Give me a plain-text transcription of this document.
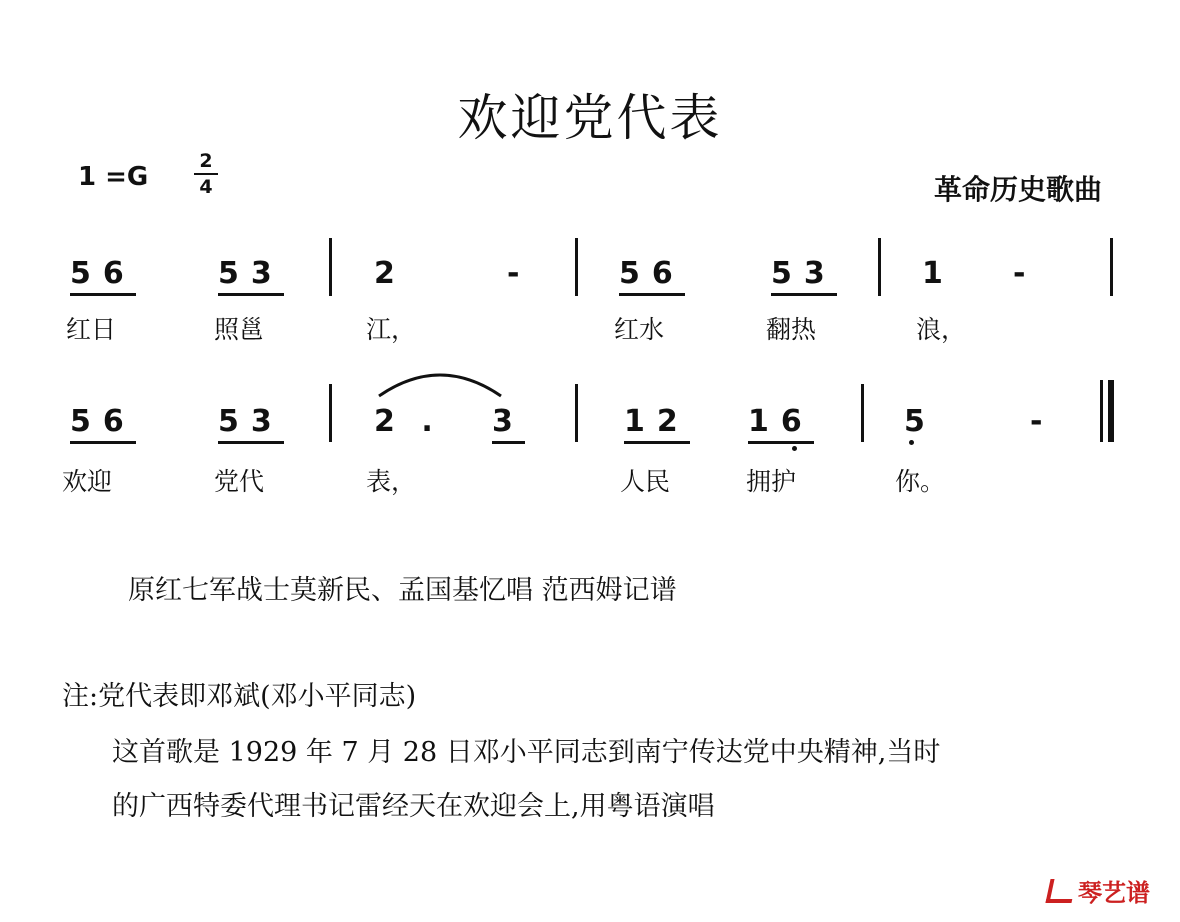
欢迎党代表
1 =G
2
4	革命历史歌曲
56	53	2	-	56	53	1 -
红日	照邕	江，	红水	翻热	浪，
56	53	2 . 3	12 16	5	-
欢迎	党代	表，	人民	拥护	你。
原红七军战士莫新民、孟国基忆唱 范西姆记谱
注:党代表即邓斌(邓小平同志)
这首歌是 1929 年 7 月 28 日邓小平同志到南宁传达党中央精神,当时
的广西特委代理书记雷经天在欢迎会上,用粤语演唱
琴艺谱
